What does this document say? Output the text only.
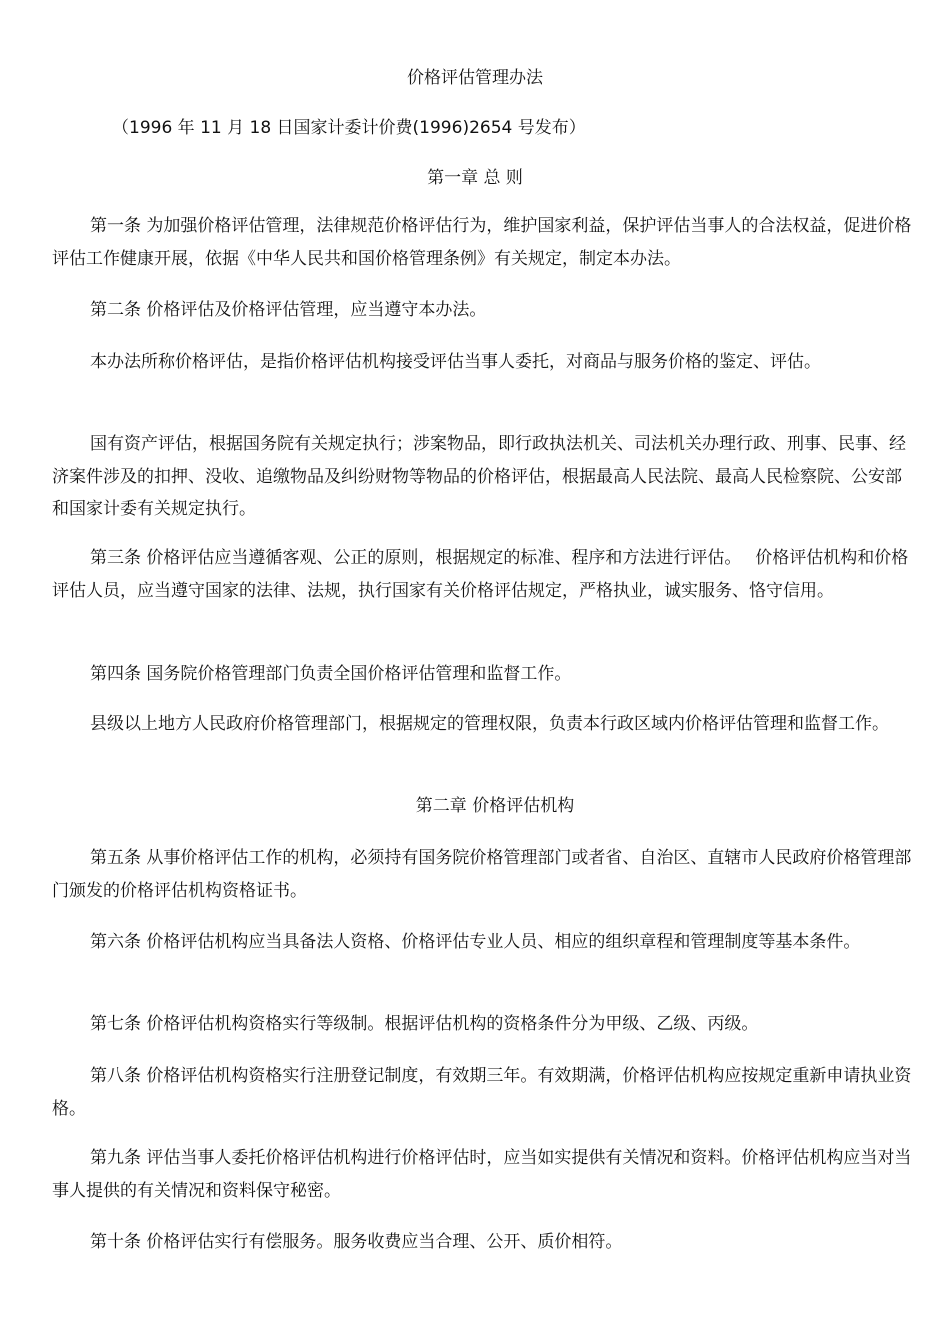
价格评估管理办法

（1996 年 11 月 18 日国家计委计价费(1996)2654 号发布）

第一章 总 则

第一条 为加强价格评估管理，法律规范价格评估行为，维护国家利益，保护评估当事人的合法权益，促进价格评估工作健康开展，依据《中华人民共和国价格管理条例》有关规定，制定本办法。

第二条 价格评估及价格评估管理，应当遵守本办法。

本办法所称价格评估，是指价格评估机构接受评估当事人委托，对商品与服务价格的鉴定、评估。

国有资产评估，根据国务院有关规定执行；涉案物品，即行政执法机关、司法机关办理行政、刑事、民事、经济案件涉及的扣押、没收、追缴物品及纠纷财物等物品的价格评估，根据最高人民法院、最高人民检察院、公安部和国家计委有关规定执行。

第三条 价格评估应当遵循客观、公正的原则，根据规定的标准、程序和方法进行评估。　 价格评估机构和价格评估人员，应当遵守国家的法律、法规，执行国家有关价格评估规定，严格执业，诚实服务、恪守信用。

第四条 国务院价格管理部门负责全国价格评估管理和监督工作。

县级以上地方人民政府价格管理部门，根据规定的管理权限，负责本行政区域内价格评估管理和监督工作。

第二章 价格评估机构

第五条 从事价格评估工作的机构，必须持有国务院价格管理部门或者省、自治区、直辖市人民政府价格管理部门颁发的价格评估机构资格证书。

第六条 价格评估机构应当具备法人资格、价格评估专业人员、相应的组织章程和管理制度等基本条件。

第七条 价格评估机构资格实行等级制。根据评估机构的资格条件分为甲级、乙级、丙级。

第八条 价格评估机构资格实行注册登记制度，有效期三年。有效期满，价格评估机构应按规定重新申请执业资格。

第九条 评估当事人委托价格评估机构进行价格评估时，应当如实提供有关情况和资料。价格评估机构应当对当事人提供的有关情况和资料保守秘密。

第十条 价格评估实行有偿服务。服务收费应当合理、公开、质价相符。
